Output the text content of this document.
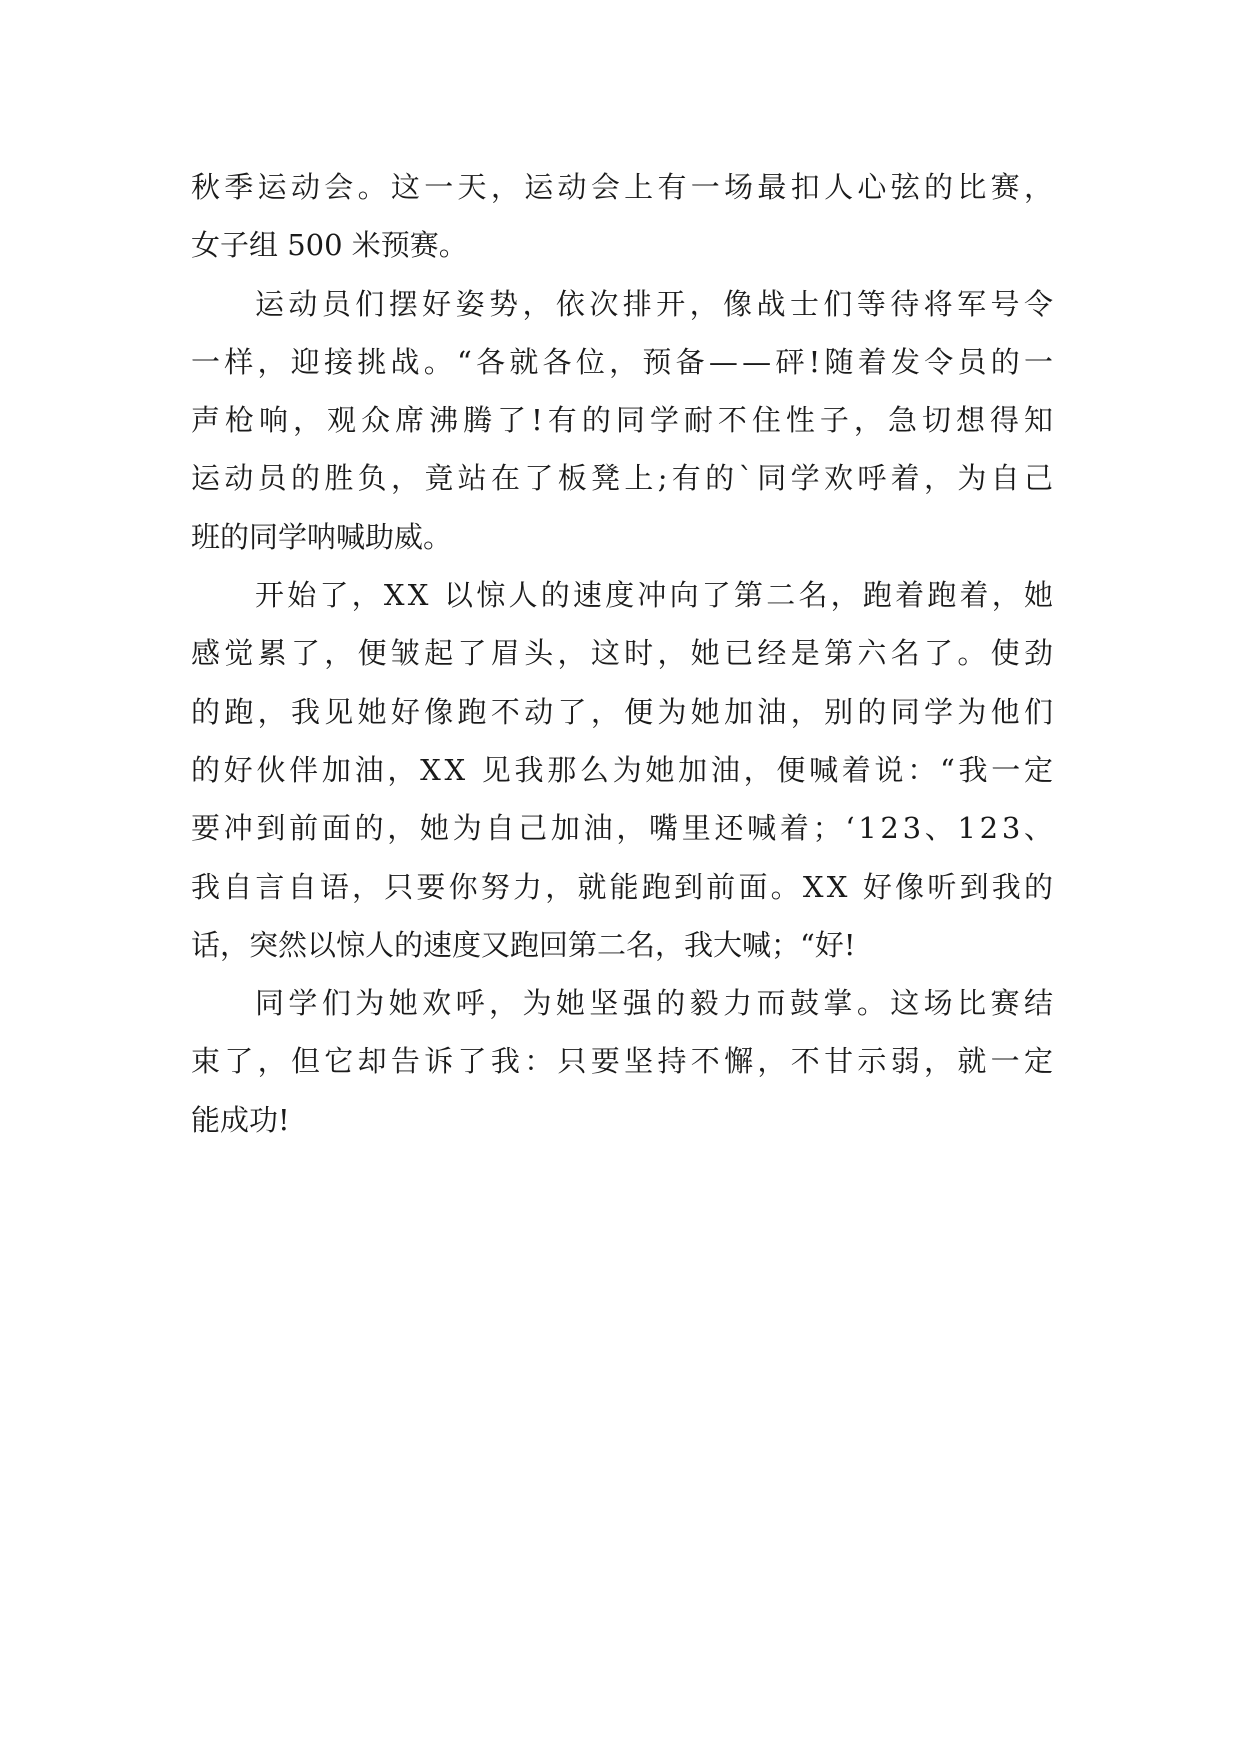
秋季运动会。这一天，运动会上有一场最扣人心弦的比赛，
女子组 500 米预赛。
运动员们摆好姿势，依次排开，像战士们等待将军号令
一样，迎接挑战。“各就各位，预备——砰!随着发令员的一
声枪响，观众席沸腾了!有的同学耐不住性子，急切想得知
运动员的胜负，竟站在了板凳上;有的`同学欢呼着，为自己
班的同学呐喊助威。
开始了，XX 以惊人的速度冲向了第二名，跑着跑着，她
感觉累了，便皱起了眉头，这时，她已经是第六名了。使劲
的跑，我见她好像跑不动了，便为她加油，别的同学为他们
的好伙伴加油，XX 见我那么为她加油，便喊着说：“我一定
要冲到前面的，她为自己加油，嘴里还喊着；‘123、123、
我自言自语，只要你努力，就能跑到前面。XX 好像听到我的
话，突然以惊人的速度又跑回第二名，我大喊；“好!
同学们为她欢呼，为她坚强的毅力而鼓掌。这场比赛结
束了，但它却告诉了我：只要坚持不懈，不甘示弱，就一定
能成功!
